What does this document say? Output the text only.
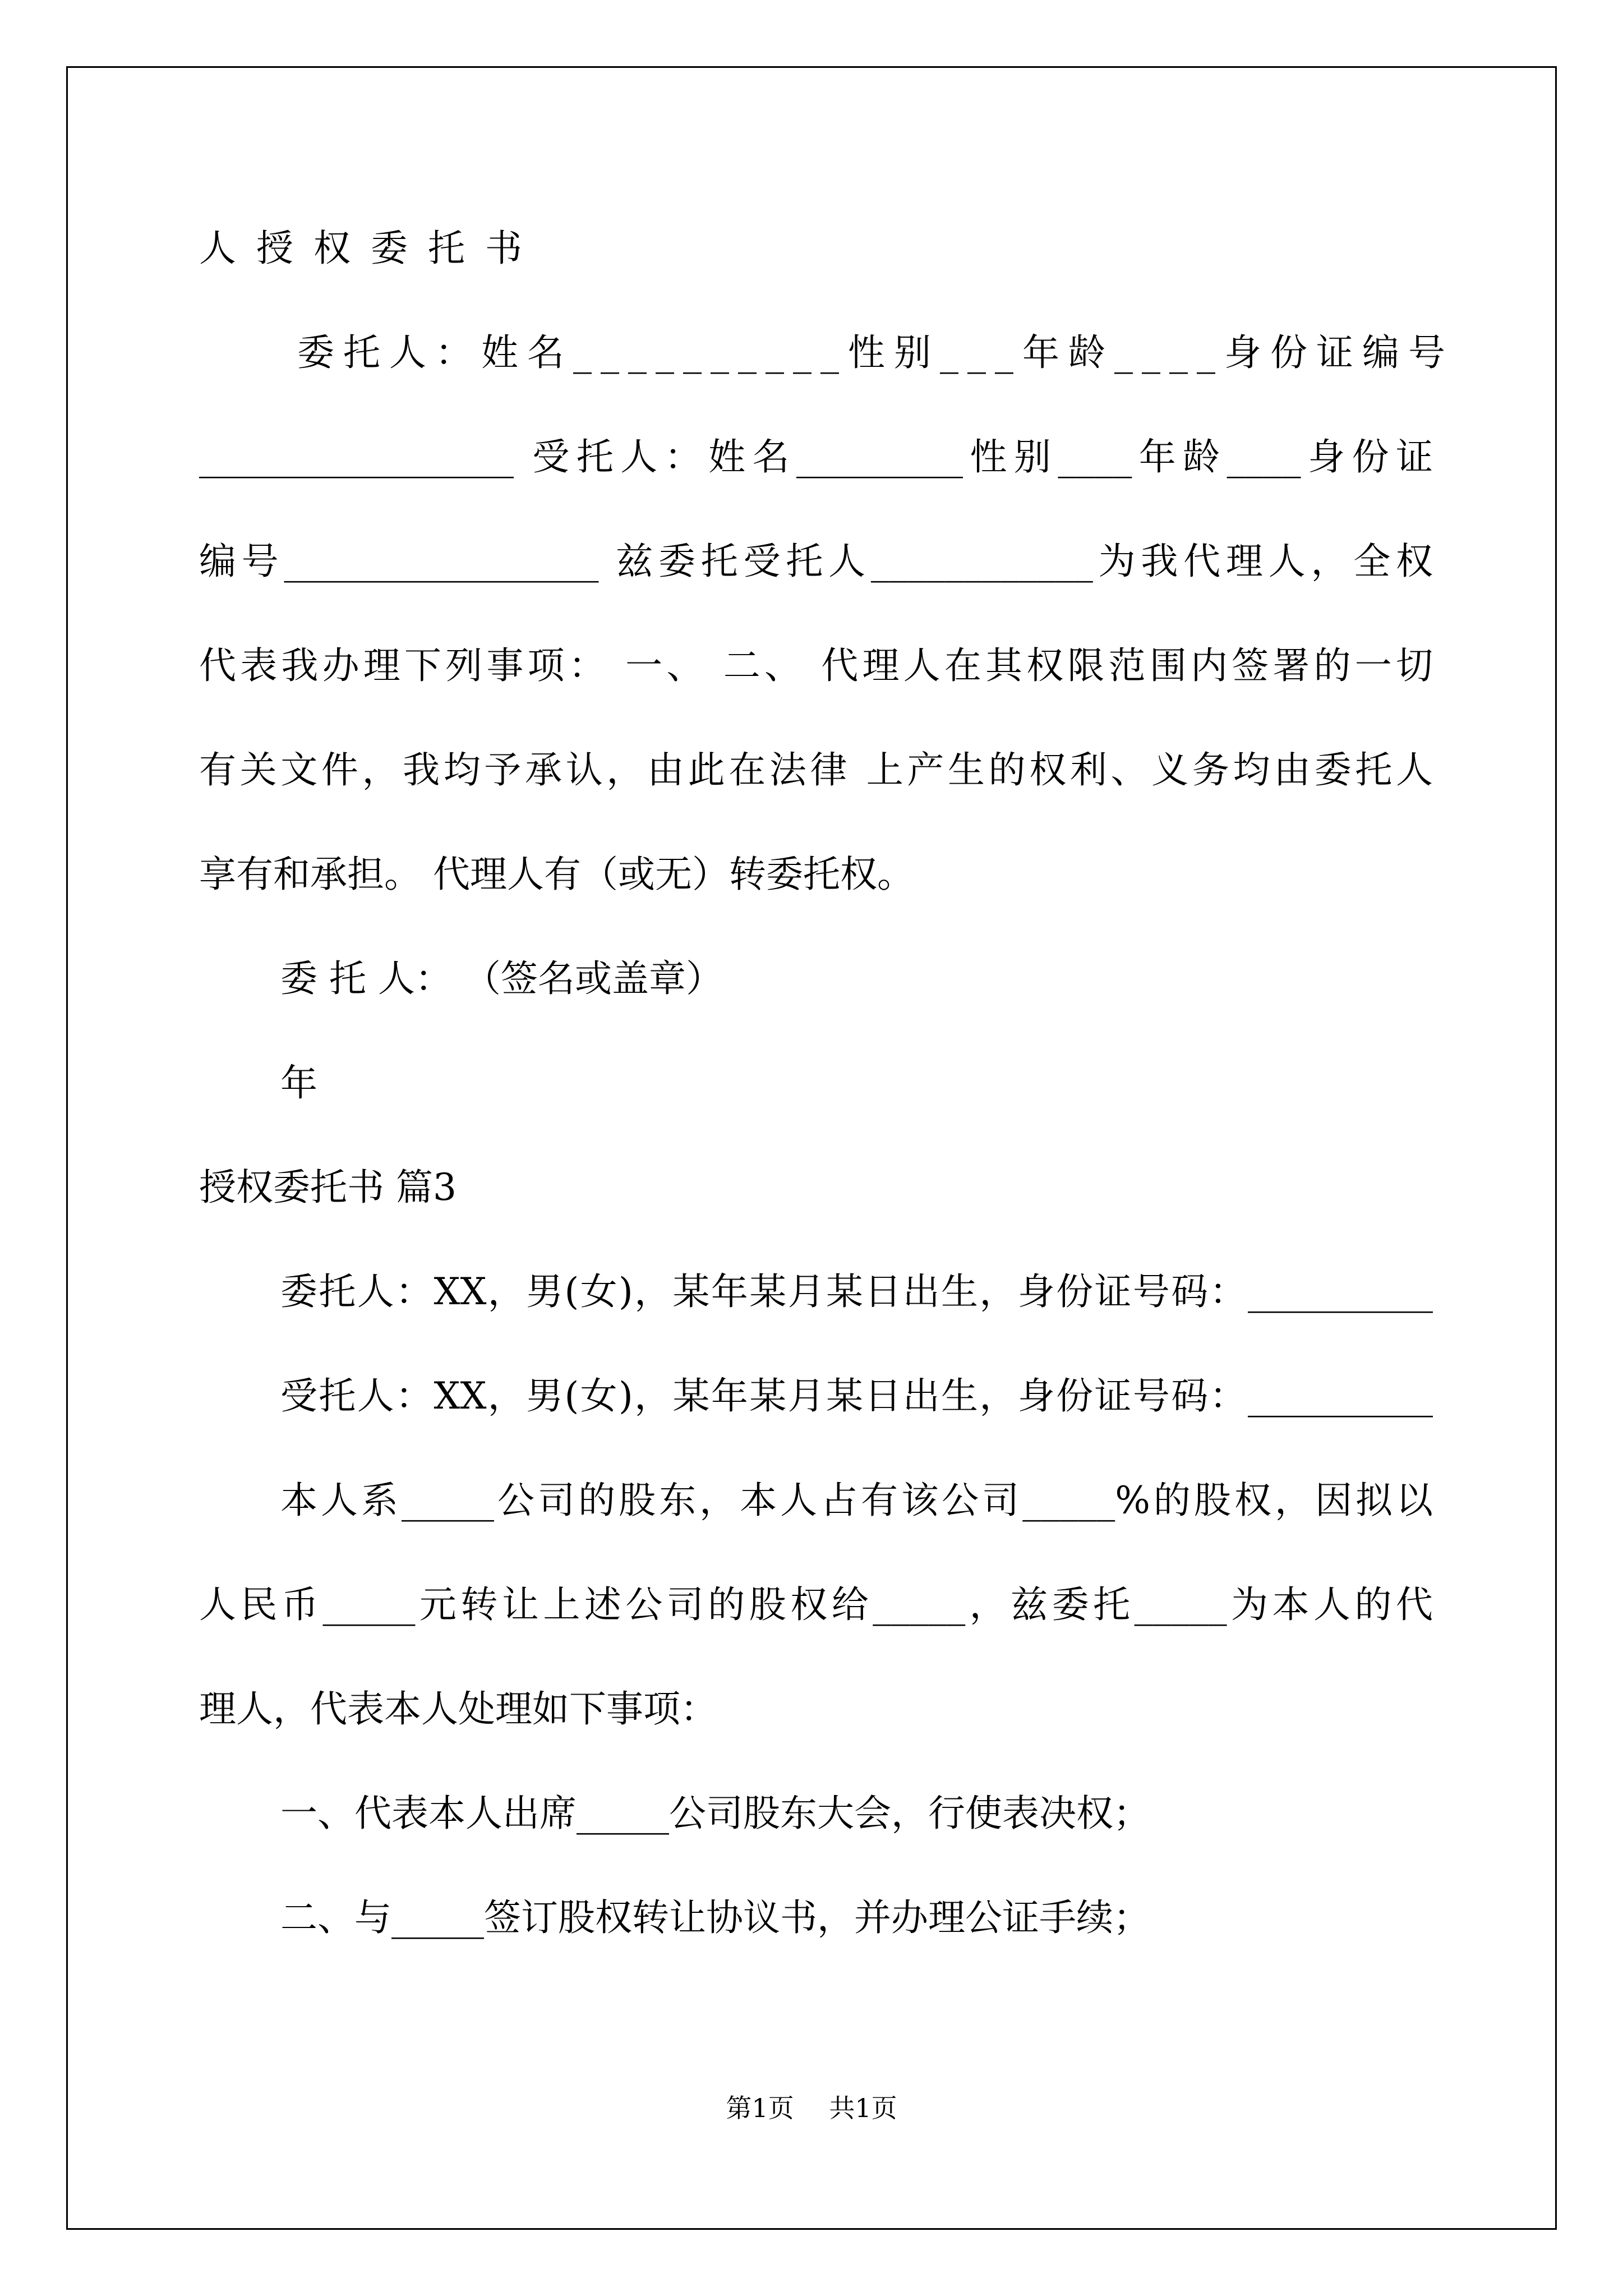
人授权委托书
委托人：姓名__________性别___年龄____身份证编号
_________________ 受托人：姓名_________性别____年龄____身份证
编号_________________ 兹委托受托人____________为我代理人，全权
代表我办理下列事项： 一、 二、 代理人在其权限范围内签署的一切
有关文件，我均予承认，由此在法律 上产生的权利、义务均由委托人
享有和承担。 代理人有（或无）转委托权。
委 托 人： （签名或盖章）
年
授权委托书 篇3
委托人：XX，男(女)，某年某月某日出生，身份证号码：__________
受托人：XX，男(女)，某年某月某日出生，身份证号码：__________
本人系_____公司的股东，本人占有该公司_____%的股权，因拟以
人民币_____元转让上述公司的股权给_____，兹委托_____为本人的代
理人，代表本人处理如下事项：
一、代表本人出席_____公司股东大会，行使表决权；
二、与_____签订股权转让协议书，并办理公证手续；
第1页 共1页
